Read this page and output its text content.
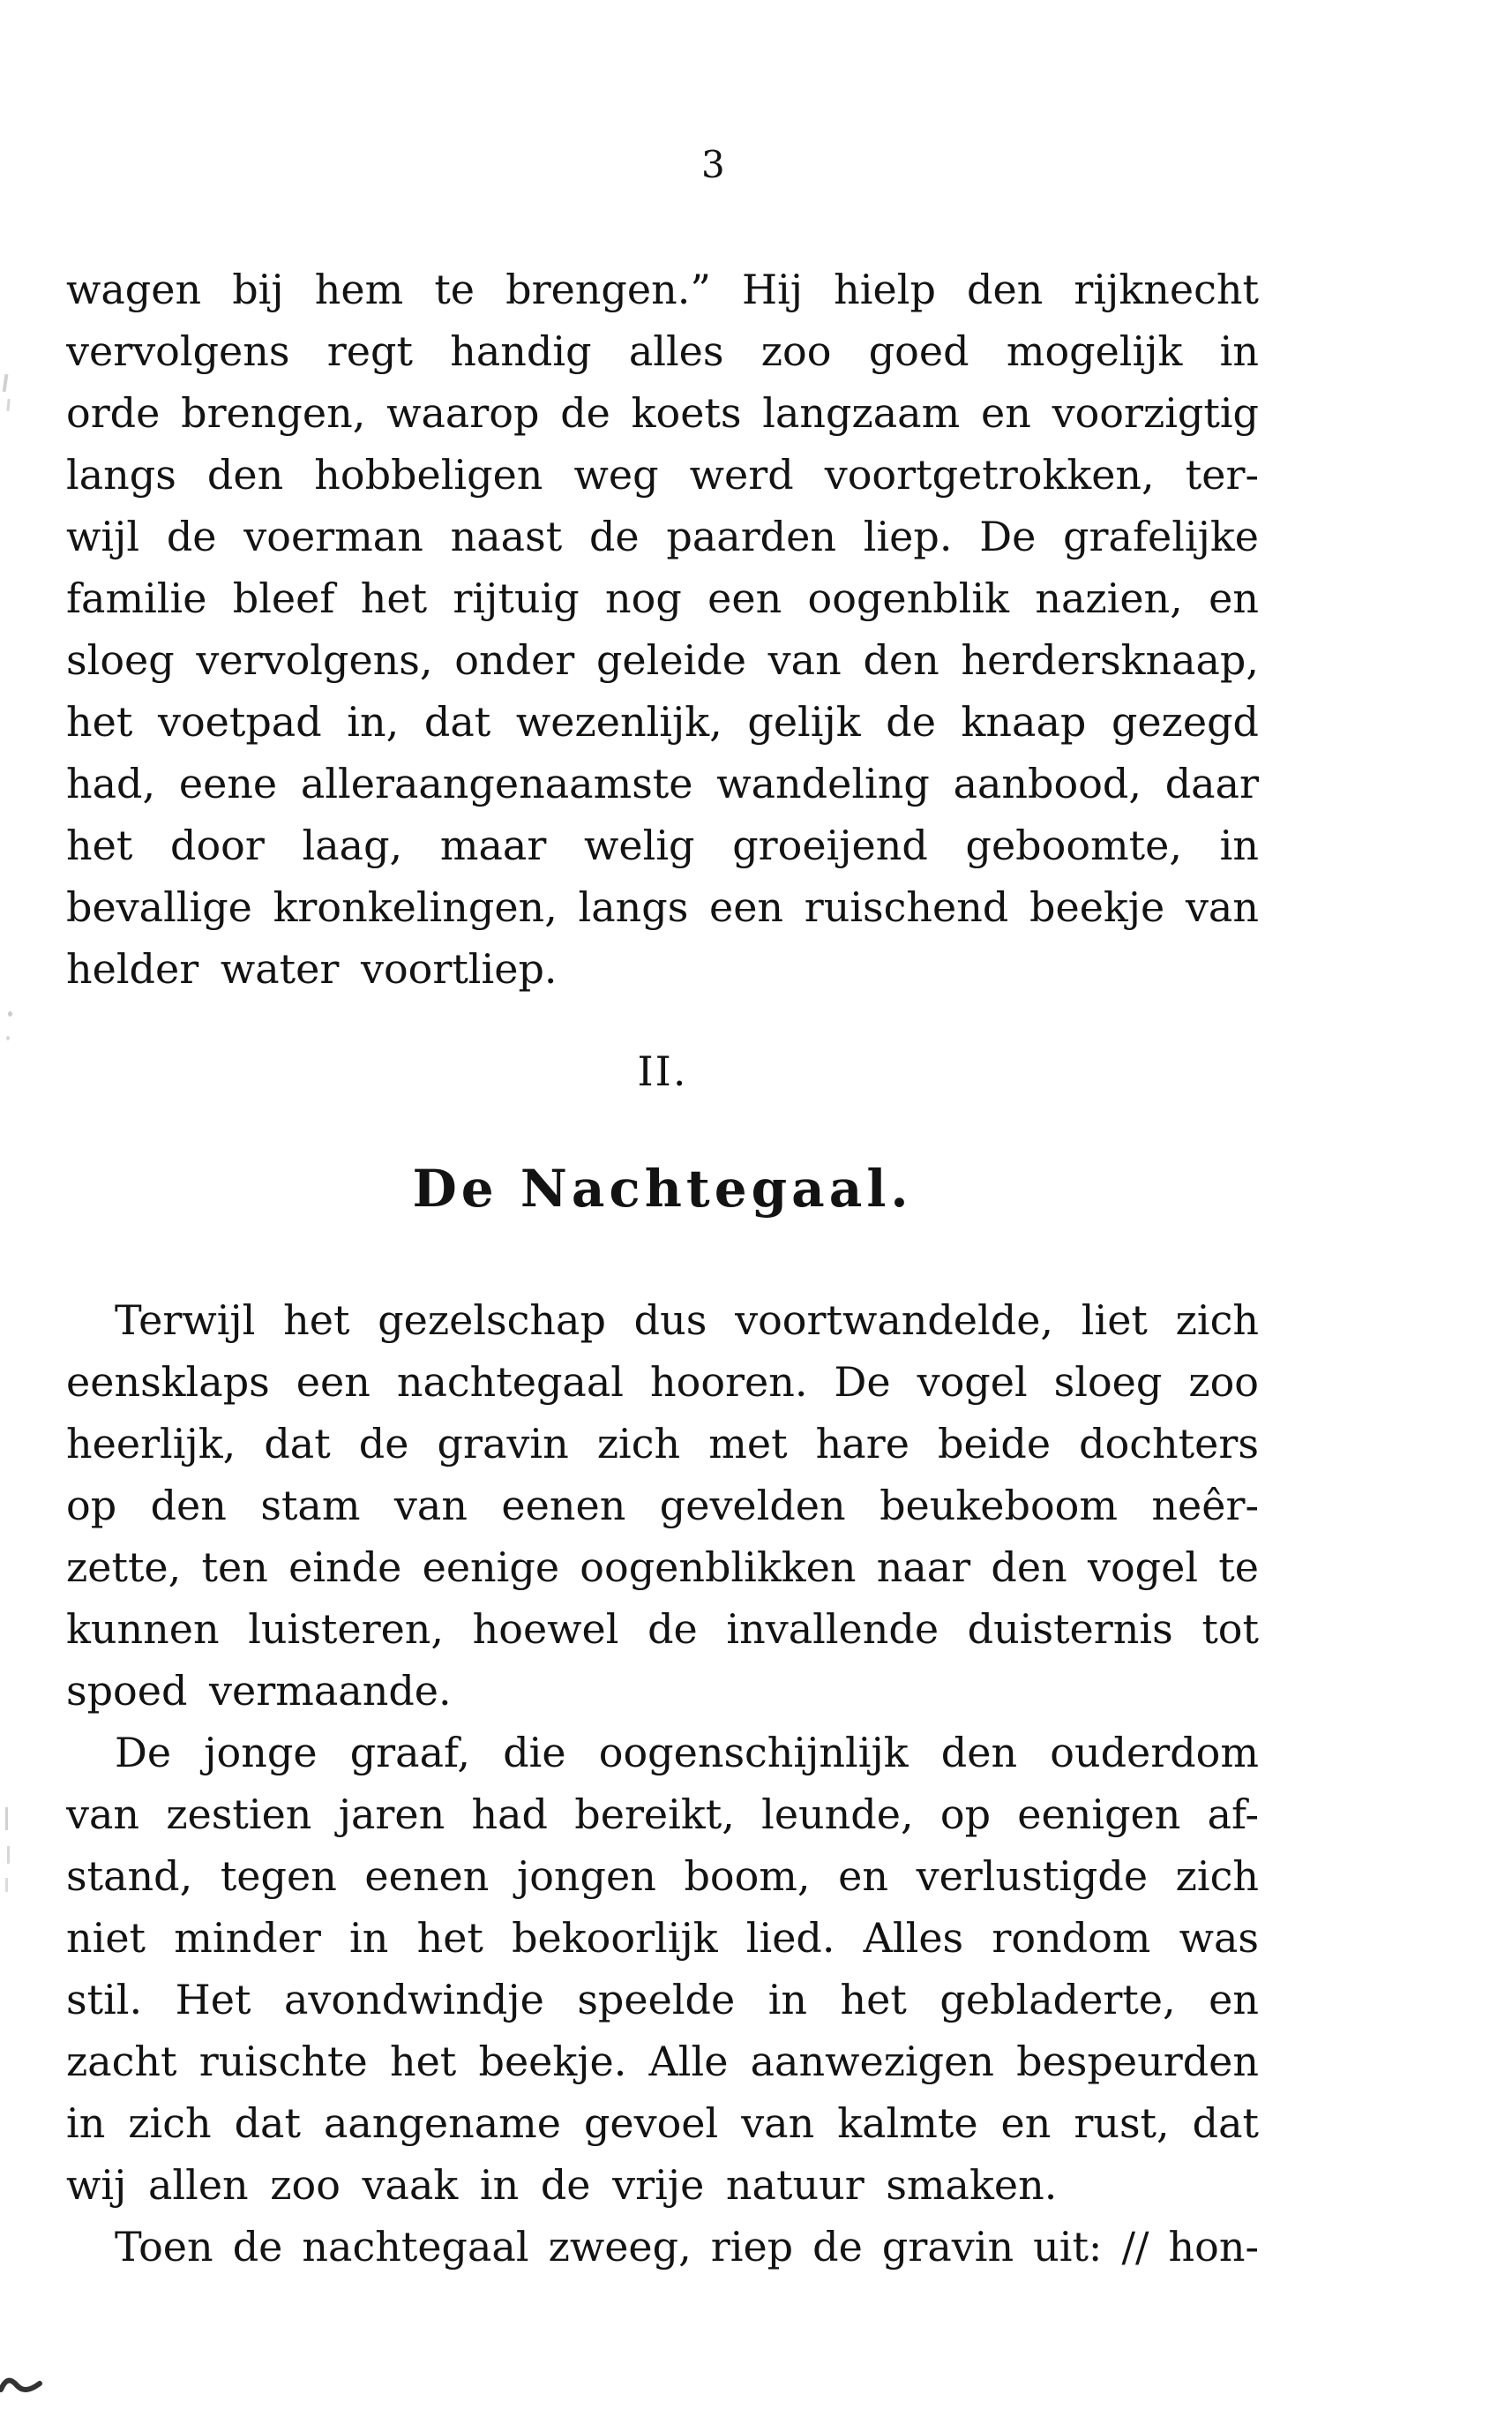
3
wagen bij hem te brengen.” Hij hielp den rijknecht
vervolgens regt handig alles zoo goed mogelijk in
orde brengen, waarop de koets langzaam en voorzigtig
langs den hobbeligen weg werd voortgetrokken, ter-
wijl de voerman naast de paarden liep. De grafelijke
familie bleef het rijtuig nog een oogenblik nazien, en
sloeg vervolgens, onder geleide van den herdersknaap,
het voetpad in, dat wezenlijk, gelijk de knaap gezegd
had, eene alleraangenaamste wandeling aanbood, daar
het door laag, maar welig groeijend geboomte, in
bevallige kronkelingen, langs een ruischend beekje van
helder water voortliep.
II.
De Nachtegaal.
Terwijl het gezelschap dus voortwandelde, liet zich
eensklaps een nachtegaal hooren. De vogel sloeg zoo
heerlijk, dat de gravin zich met hare beide dochters
op den stam van eenen gevelden beukeboom neêr-
zette, ten einde eenige oogenblikken naar den vogel te
kunnen luisteren, hoewel de invallende duisternis tot
spoed vermaande.
De jonge graaf, die oogenschijnlijk den ouderdom
van zestien jaren had bereikt, leunde, op eenigen af-
stand, tegen eenen jongen boom, en verlustigde zich
niet minder in het bekoorlijk lied. Alles rondom was
stil. Het avondwindje speelde in het gebladerte, en
zacht ruischte het beekje. Alle aanwezigen bespeurden
in zich dat aangename gevoel van kalmte en rust, dat
wij allen zoo vaak in de vrije natuur smaken.
Toen de nachtegaal zweeg, riep de gravin uit: // hon-
